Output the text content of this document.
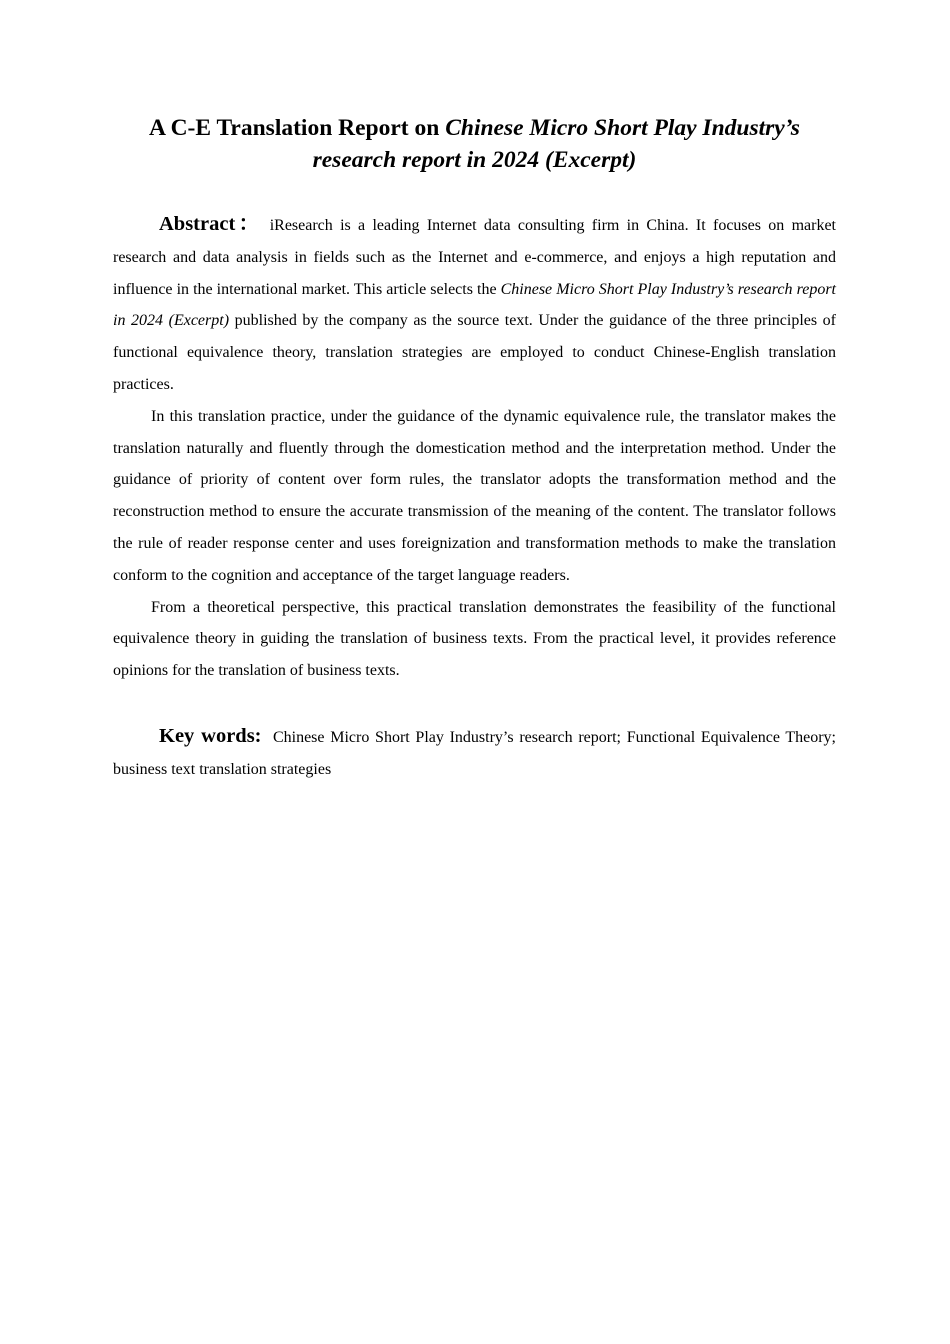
A C-E Translation Report on Chinese Micro Short Play Industry’s research report in 2024 (Excerpt)

Abstract： iResearch is a leading Internet data consulting firm in China. It focuses on market research and data analysis in fields such as the Internet and e-commerce, and enjoys a high reputation and influence in the international market. This article selects the Chinese Micro Short Play Industry’s research report in 2024 (Excerpt) published by the company as the source text. Under the guidance of the three principles of functional equivalence theory, translation strategies are employed to conduct Chinese-English translation practices.

In this translation practice, under the guidance of the dynamic equivalence rule, the translator makes the translation naturally and fluently through the domestication method and the interpretation method. Under the guidance of priority of content over form rules, the translator adopts the transformation method and the reconstruction method to ensure the accurate transmission of the meaning of the content. The translator follows the rule of reader response center and uses foreignization and transformation methods to make the translation conform to the cognition and acceptance of the target language readers.

From a theoretical perspective, this practical translation demonstrates the feasibility of the functional equivalence theory in guiding the translation of business texts. From the practical level, it provides reference opinions for the translation of business texts.

Key words: Chinese Micro Short Play Industry’s research report; Functional Equivalence Theory; business text translation strategies
